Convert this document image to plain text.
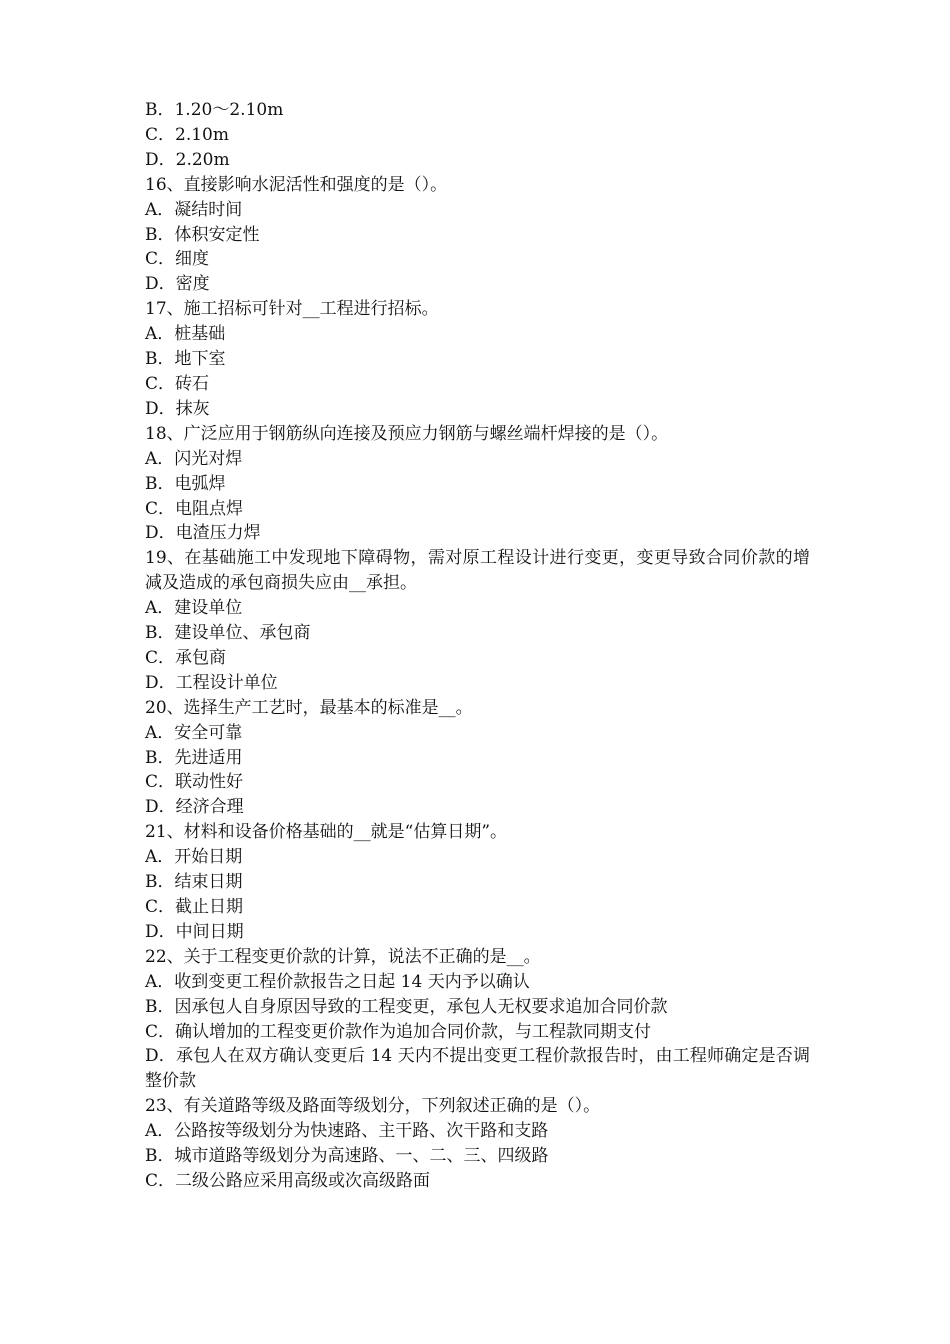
B．1.20～2.10m
C．2.10m
D．2.20m
16、直接影响水泥活性和强度的是（）。
A．凝结时间
B．体积安定性
C．细度
D．密度
17、施工招标可针对__工程进行招标。
A．桩基础
B．地下室
C．砖石
D．抹灰
18、广泛应用于钢筋纵向连接及预应力钢筋与螺丝端杆焊接的是（）。
A．闪光对焊
B．电弧焊
C．电阻点焊
D．电渣压力焊
19、在基础施工中发现地下障碍物，需对原工程设计进行变更，变更导致合同价款的增减及造成的承包商损失应由__承担。
A．建设单位
B．建设单位、承包商
C．承包商
D．工程设计单位
20、选择生产工艺时，最基本的标准是__。
A．安全可靠
B．先进适用
C．联动性好
D．经济合理
21、材料和设备价格基础的__就是“估算日期”。
A．开始日期
B．结束日期
C．截止日期
D．中间日期
22、关于工程变更价款的计算，说法不正确的是__。
A．收到变更工程价款报告之日起 14 天内予以确认
B．因承包人自身原因导致的工程变更，承包人无权要求追加合同价款
C．确认增加的工程变更价款作为追加合同价款，与工程款同期支付
D．承包人在双方确认变更后 14 天内不提出变更工程价款报告时，由工程师确定是否调整价款
23、有关道路等级及路面等级划分，下列叙述正确的是（）。
A．公路按等级划分为快速路、主干路、次干路和支路
B．城市道路等级划分为高速路、一、二、三、四级路
C．二级公路应采用高级或次高级路面
